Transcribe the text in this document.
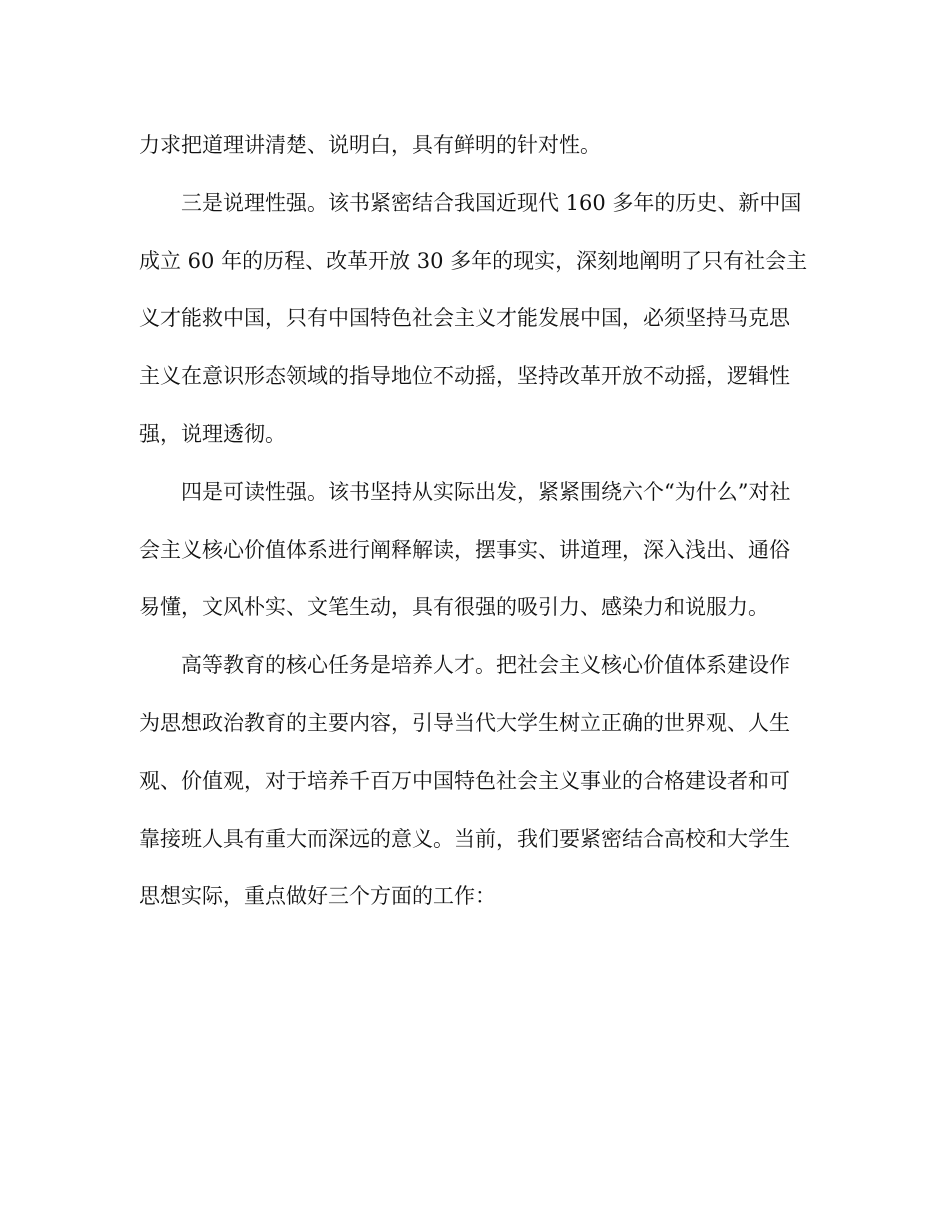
力求把道理讲清楚、说明白，具有鲜明的针对性。
三是说理性强。该书紧密结合我国近现代 160 多年的历史、新中国
成立 60 年的历程、改革开放 30 多年的现实，深刻地阐明了只有社会主
义才能救中国，只有中国特色社会主义才能发展中国，必须坚持马克思
主义在意识形态领域的指导地位不动摇，坚持改革开放不动摇，逻辑性
强，说理透彻。
四是可读性强。该书坚持从实际出发，紧紧围绕六个“为什么”对社
会主义核心价值体系进行阐释解读，摆事实、讲道理，深入浅出、通俗
易懂，文风朴实、文笔生动，具有很强的吸引力、感染力和说服力。
高等教育的核心任务是培养人才。把社会主义核心价值体系建设作
为思想政治教育的主要内容，引导当代大学生树立正确的世界观、人生
观、价值观，对于培养千百万中国特色社会主义事业的合格建设者和可
靠接班人具有重大而深远的意义。当前，我们要紧密结合高校和大学生
思想实际，重点做好三个方面的工作：
